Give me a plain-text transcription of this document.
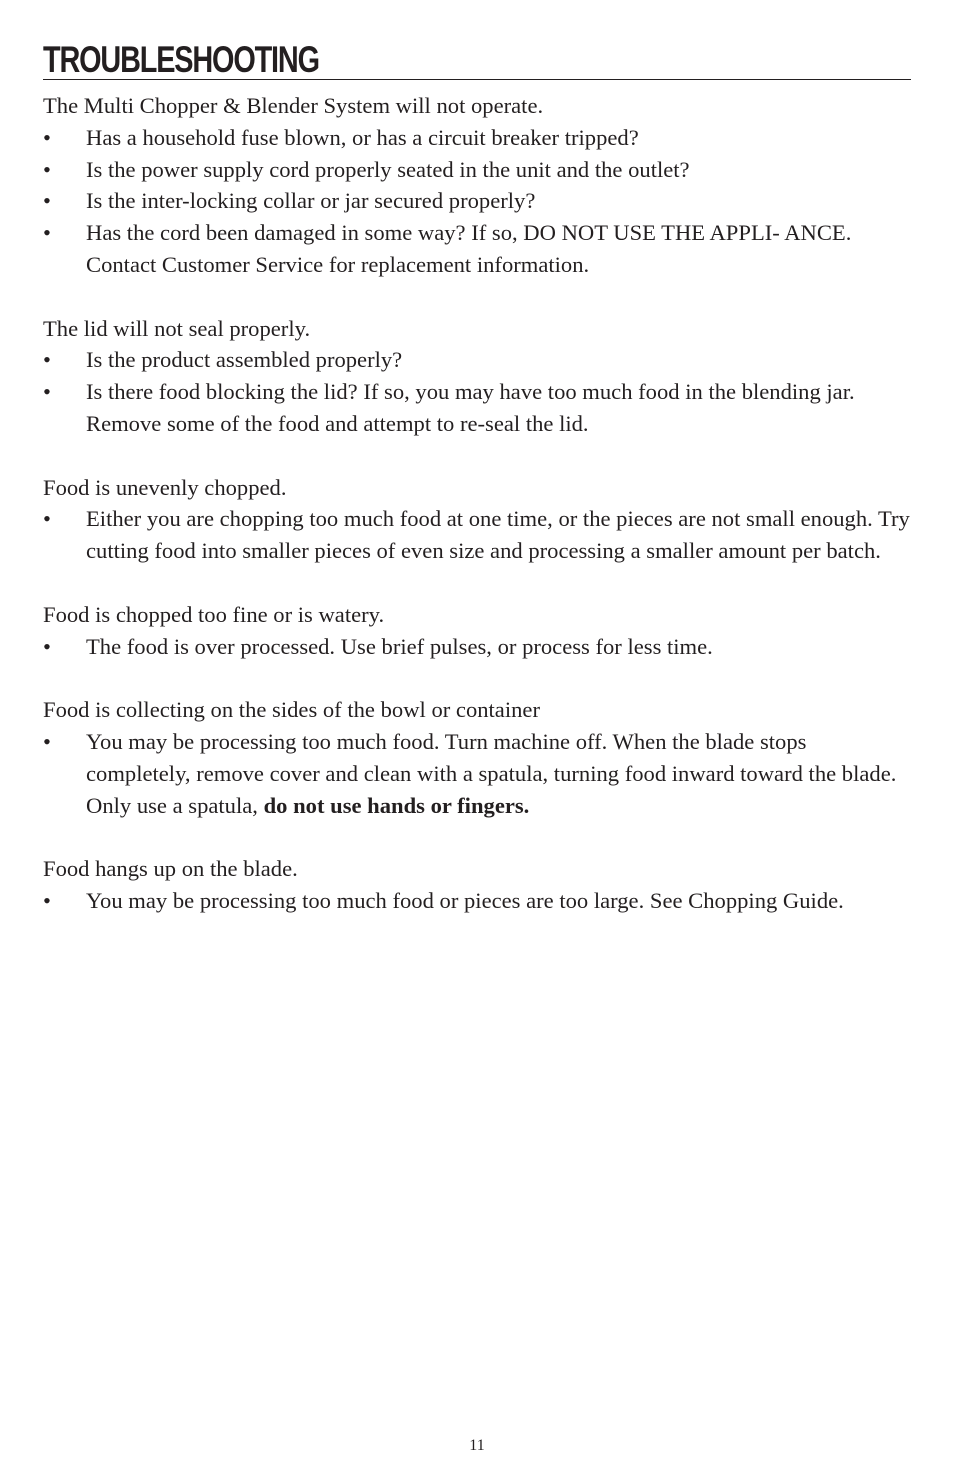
TROUBLESHOOTING
The Multi Chopper & Blender System will not operate.
• Has a household fuse blown, or has a circuit breaker tripped?
• Is the power supply cord properly seated in the unit and the outlet?
• Is the inter-locking collar or jar secured properly?
• Has the cord been damaged in some way? If so, DO NOT USE THE APPLI- ANCE. Contact Customer Service for replacement information.
The lid will not seal properly.
• Is the product assembled properly?
• Is there food blocking the lid? If so, you may have too much food in the blending jar. Remove some of the food and attempt to re-seal the lid.
Food is unevenly chopped.
• Either you are chopping too much food at one time, or the pieces are not small enough. Try cutting food into smaller pieces of even size and processing a smaller amount per batch.
Food is chopped too fine or is watery.
• The food is over processed. Use brief pulses, or process for less time.
Food is collecting on the sides of the bowl or container
• You may be processing too much food. Turn machine off. When the blade stops completely, remove cover and clean with a spatula, turning food inward toward the blade. Only use a spatula, do not use hands or fingers.
Food hangs up on the blade.
• You may be processing too much food or pieces are too large. See Chopping Guide.
11
